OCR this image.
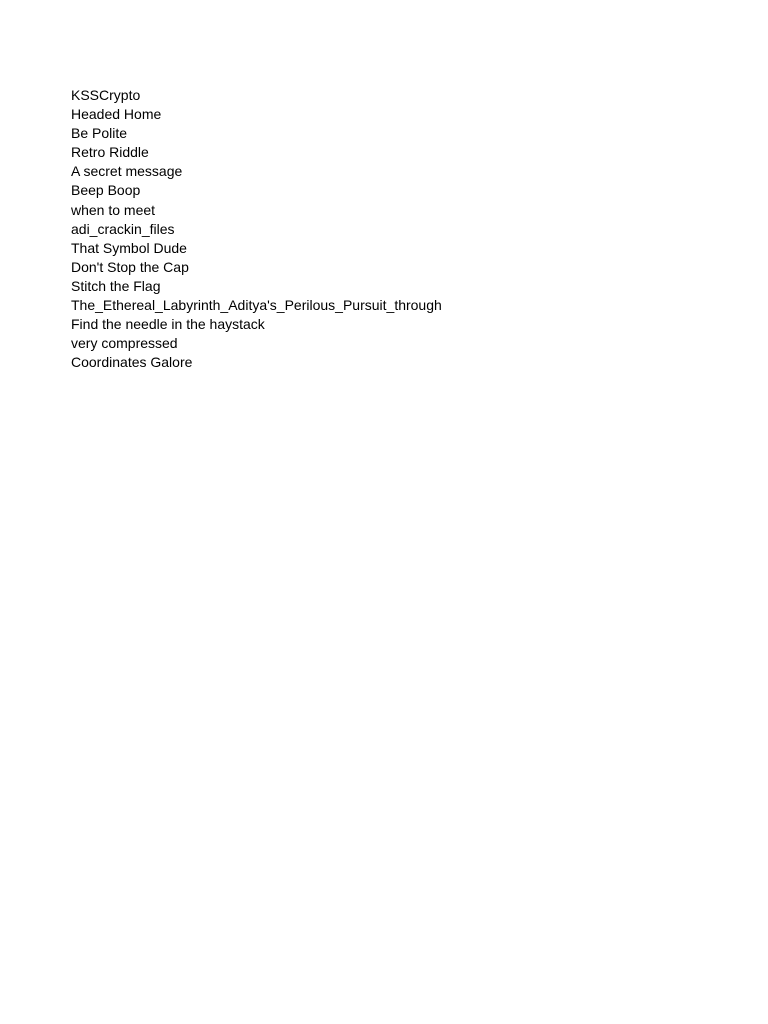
KSSCrypto
Headed Home
Be Polite
Retro Riddle
A secret message
Beep Boop
when to meet
adi_crackin_files
That Symbol Dude
Don't Stop the Cap
Stitch the Flag
The_Ethereal_Labyrinth_Aditya's_Perilous_Pursuit_through
Find the needle in the haystack
very compressed
Coordinates Galore
